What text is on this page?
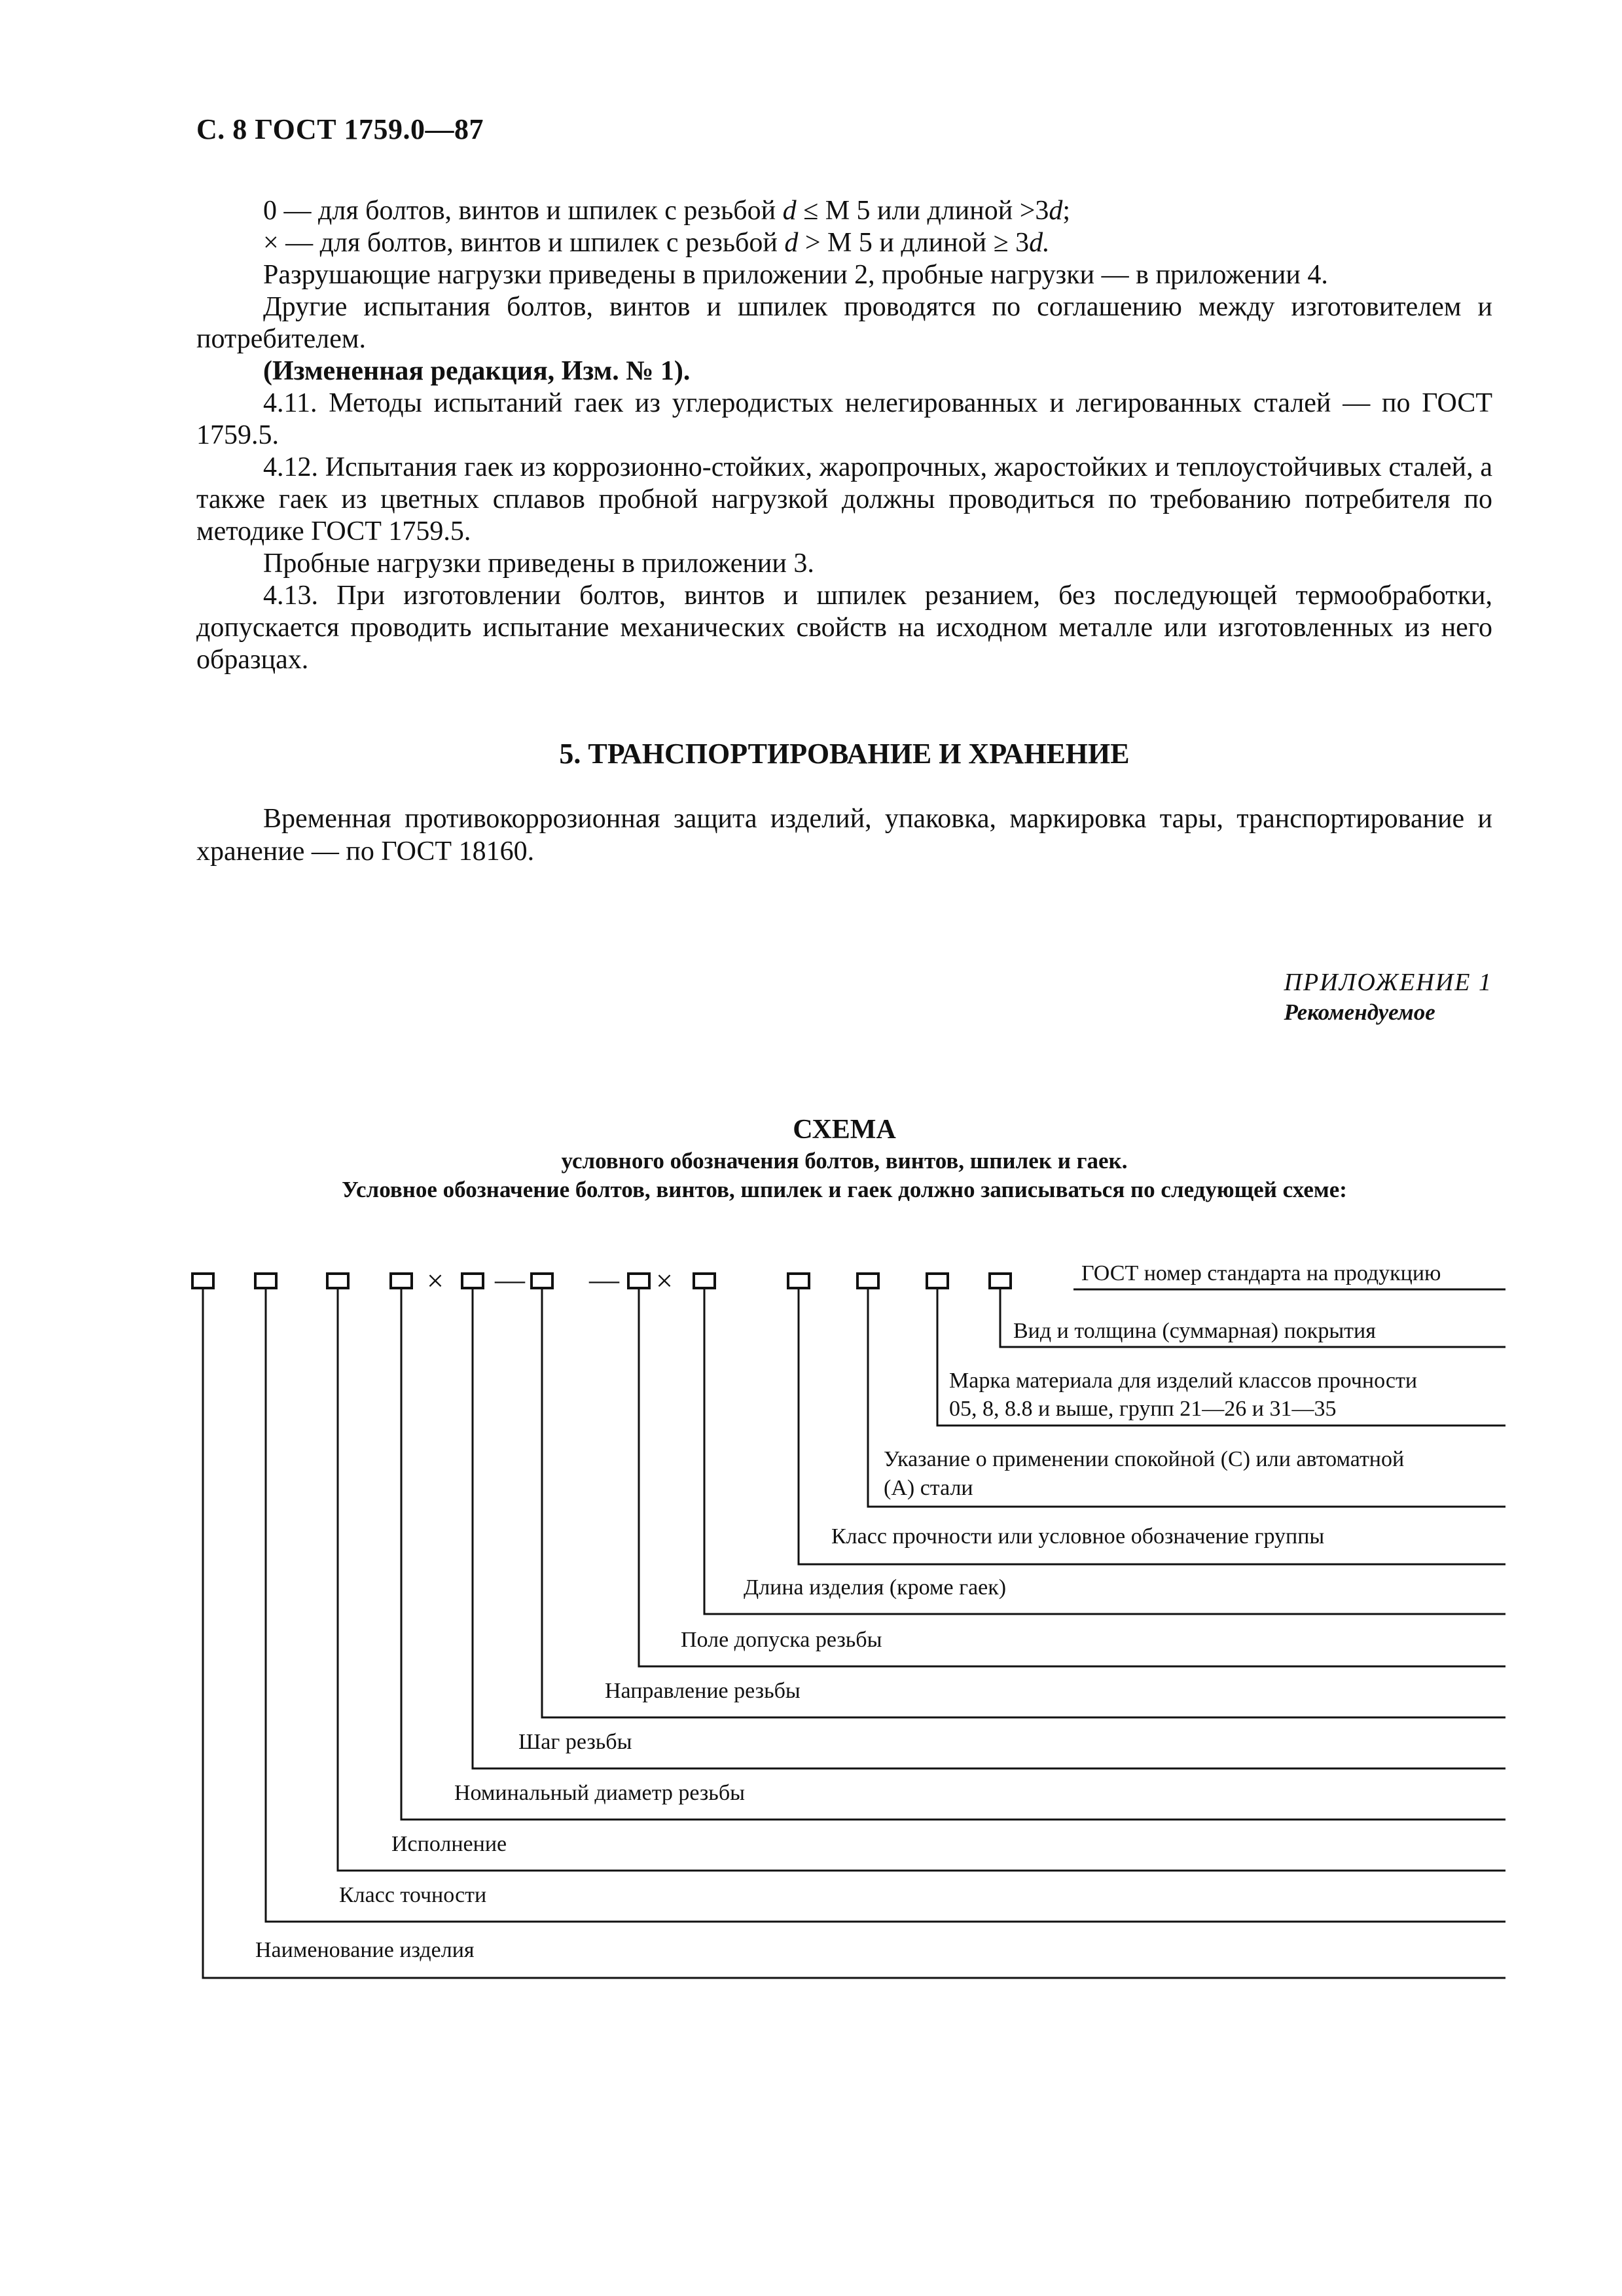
С. 8 ГОСТ 1759.0—87

0 — для болтов, винтов и шпилек с резьбой d ≤ М 5 или длиной >3d;

× — для болтов, винтов и шпилек с резьбой d > М 5 и длиной ≥ 3d.

Разрушающие нагрузки приведены в приложении 2, пробные нагрузки — в приложении 4.

Другие испытания болтов, винтов и шпилек проводятся по соглашению между изготовителем и потребителем.

(Измененная редакция, Изм. № 1).

4.11. Методы испытаний гаек из углеродистых нелегированных и легированных сталей — по ГОСТ 1759.5.

4.12. Испытания гаек из коррозионно-стойких, жаропрочных, жаростойких и теплоустойчивых сталей, а также гаек из цветных сплавов пробной нагрузкой должны проводиться по требованию потребителя по методике ГОСТ 1759.5.

Пробные нагрузки приведены в приложении 3.

4.13. При изготовлении болтов, винтов и шпилек резанием, без последующей термообработки, допускается проводить испытание механических свойств на исходном металле или изготовленных из него образцах.

5. ТРАНСПОРТИРОВАНИЕ И ХРАНЕНИЕ

Временная противокоррозионная защита изделий, упаковка, маркировка тары, транспортирование и хранение — по ГОСТ 18160.

ПРИЛОЖЕНИЕ 1
Рекомендуемое
СХЕМА
условного обозначения болтов, винтов, шпилек и гаек.
Условное обозначение болтов, винтов, шпилек и гаек должно записываться по следующей схеме:
× — — ×	ГОСТ номер стандарта на продукцию
Вид и толщина (суммарная) покрытия
Марка материала для изделий классов прочности
05, 8, 8.8 и выше, групп 21—26 и 31—35
Указание о применении спокойной (С) или автоматной
(А) стали
Класс прочности или условное обозначение группы
Длина изделия (кроме гаек)
Поле допуска резьбы
Направление резьбы
Шаг резьбы
Номинальный диаметр резьбы
Исполнение
Класс точности
Наименование изделия
